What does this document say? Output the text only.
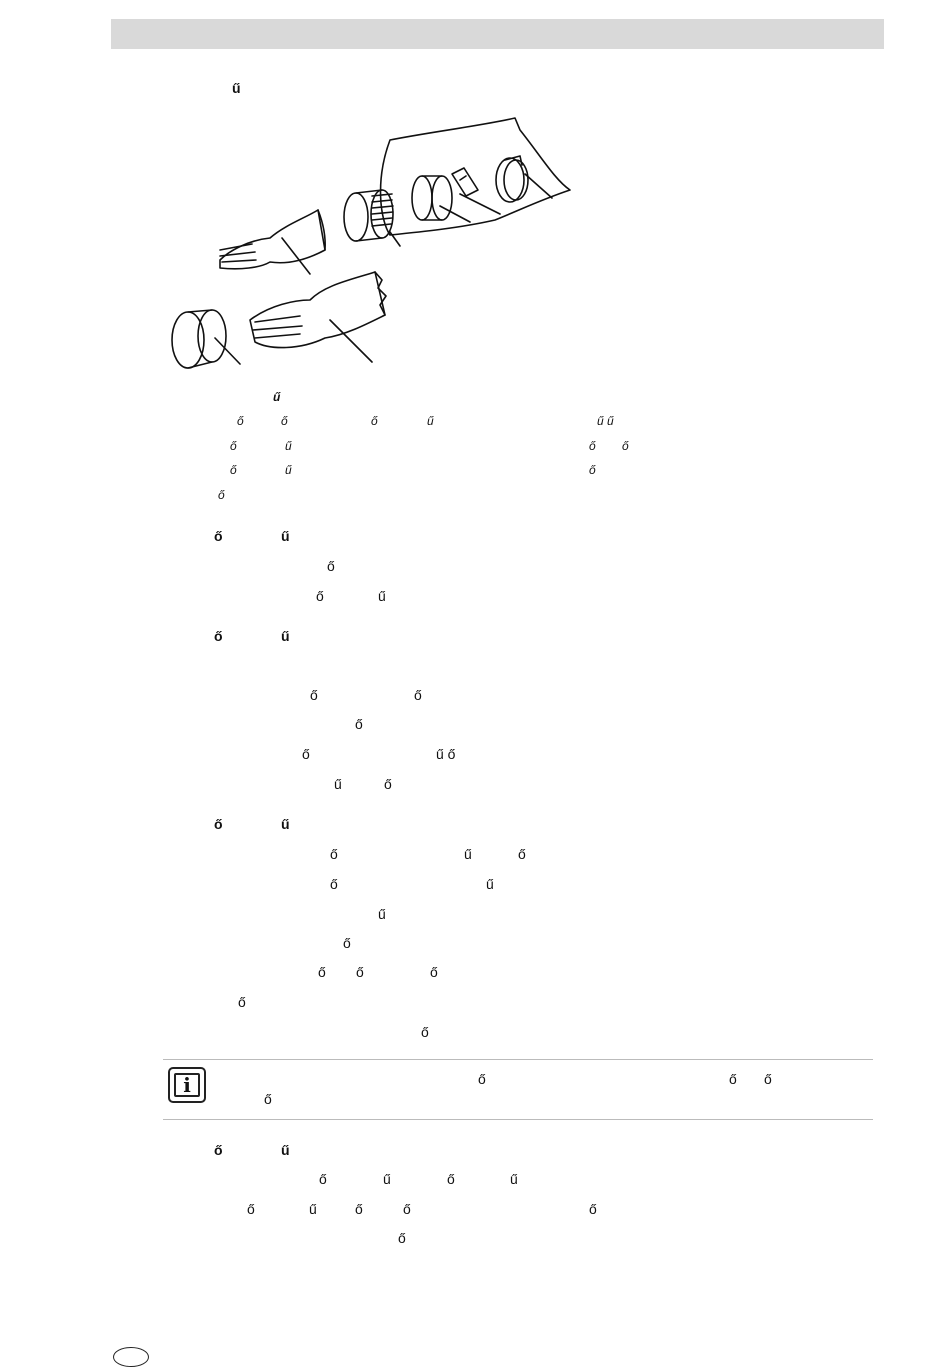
ű
ű
ő	ő	ő	ű	ű ű
ő	ű	ő ő
ő	ű	ő
ő
ő	ű
ő
ő	ű
ő	ű
ő	ő
ő
ő	ű ő
ű	ő
ő	ű
ő	ű	ő
ő	ű
ű
ő
ő ő	ő
ő
ő
i	ő	ő ő
ő
ő	ű
ő	ű	ő	ű
ő	ű	ő	ő	ő
ő
